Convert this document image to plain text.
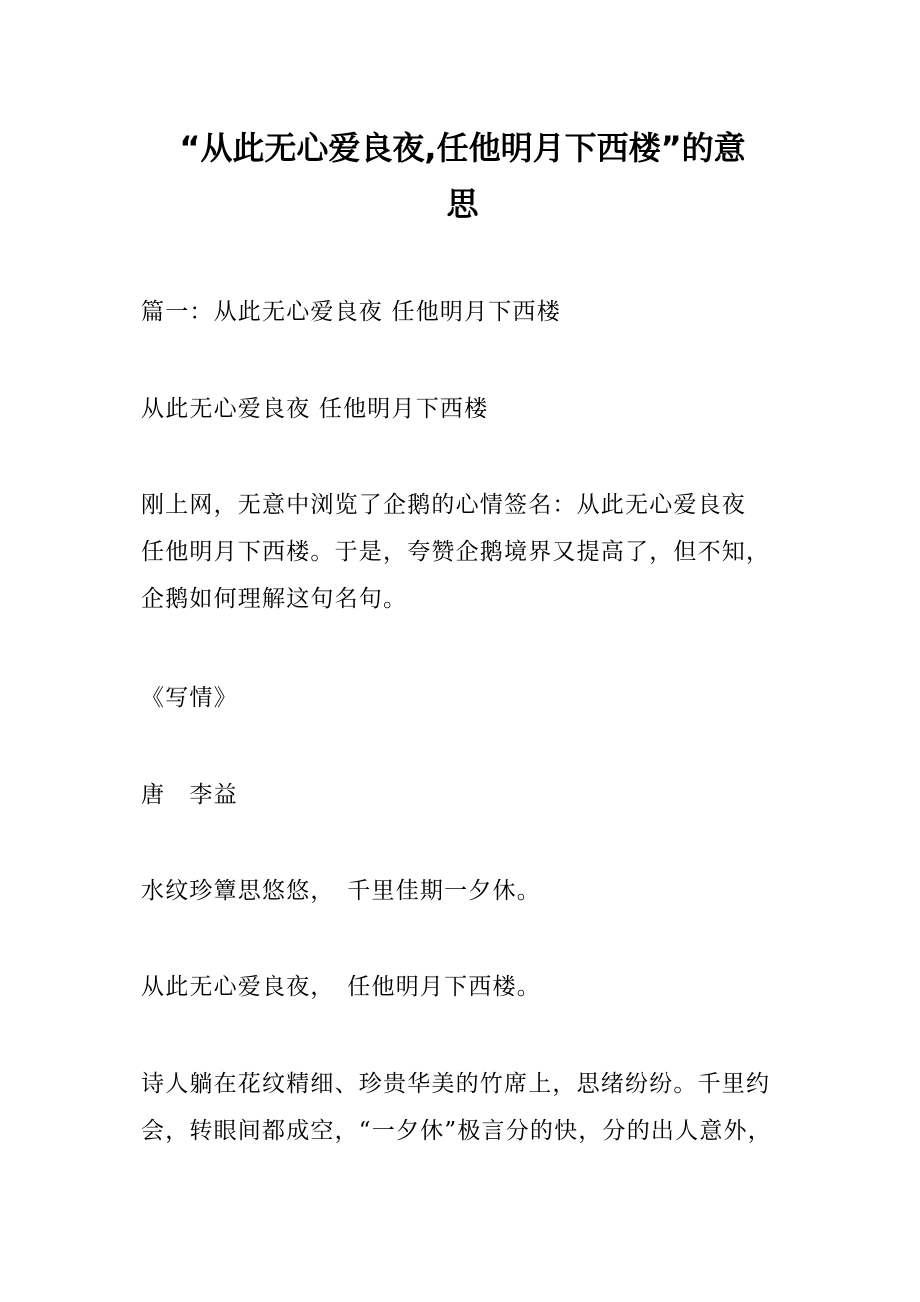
“从此无心爱良夜,任他明月下西楼”的意
思

篇一：从此无心爱良夜 任他明月下西楼

从此无心爱良夜 任他明月下西楼

刚上网，无意中浏览了企鹅的心情签名：从此无心爱良夜
任他明月下西楼。于是，夸赞企鹅境界又提高了，但不知，
企鹅如何理解这句名句。

《写情》

唐　李益

水纹珍簟思悠悠，　千里佳期一夕休。

从此无心爱良夜，　任他明月下西楼。

诗人躺在花纹精细、珍贵华美的竹席上，思绪纷纷。千里约
会，转眼间都成空，“一夕休”极言分的快，分的出人意外，
